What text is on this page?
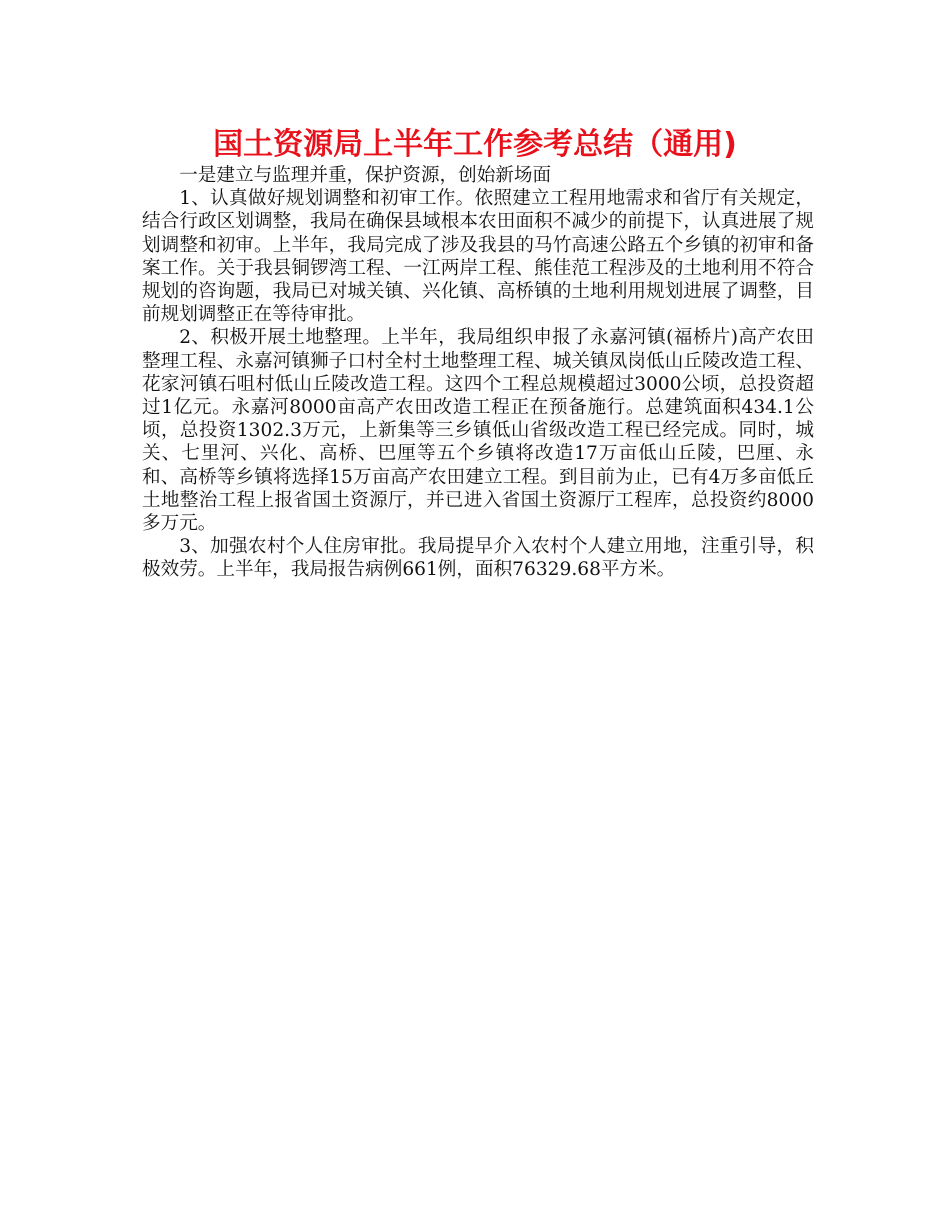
国土资源局上半年工作参考总结（通用)

一是建立与监理并重，保护资源，创始新场面

1、认真做好规划调整和初审工作。依照建立工程用地需求和省厅有关规定，结合行政区划调整，我局在确保县域根本农田面积不减少的前提下，认真进展了规划调整和初审。上半年，我局完成了涉及我县的马竹高速公路五个乡镇的初审和备案工作。关于我县铜锣湾工程、一江两岸工程、熊佳范工程涉及的土地利用不符合规划的咨询题，我局已对城关镇、兴化镇、高桥镇的土地利用规划进展了调整，目前规划调整正在等待审批。

2、积极开展土地整理。上半年，我局组织申报了永嘉河镇(福桥片)高产农田整理工程、永嘉河镇狮子口村全村土地整理工程、城关镇凤岗低山丘陵改造工程、花家河镇石咀村低山丘陵改造工程。这四个工程总规模超过3000公顷，总投资超过1亿元。永嘉河8000亩高产农田改造工程正在预备施行。总建筑面积434.1公顷，总投资1302.3万元，上新集等三乡镇低山省级改造工程已经完成。同时，城关、七里河、兴化、高桥、巴厘等五个乡镇将改造17万亩低山丘陵，巴厘、永和、高桥等乡镇将选择15万亩高产农田建立工程。到目前为止，已有4万多亩低丘土地整治工程上报省国土资源厅，并已进入省国土资源厅工程库，总投资约8000多万元。

3、加强农村个人住房审批。我局提早介入农村个人建立用地，注重引导，积极效劳。上半年，我局报告病例661例，面积76329.68平方米。
